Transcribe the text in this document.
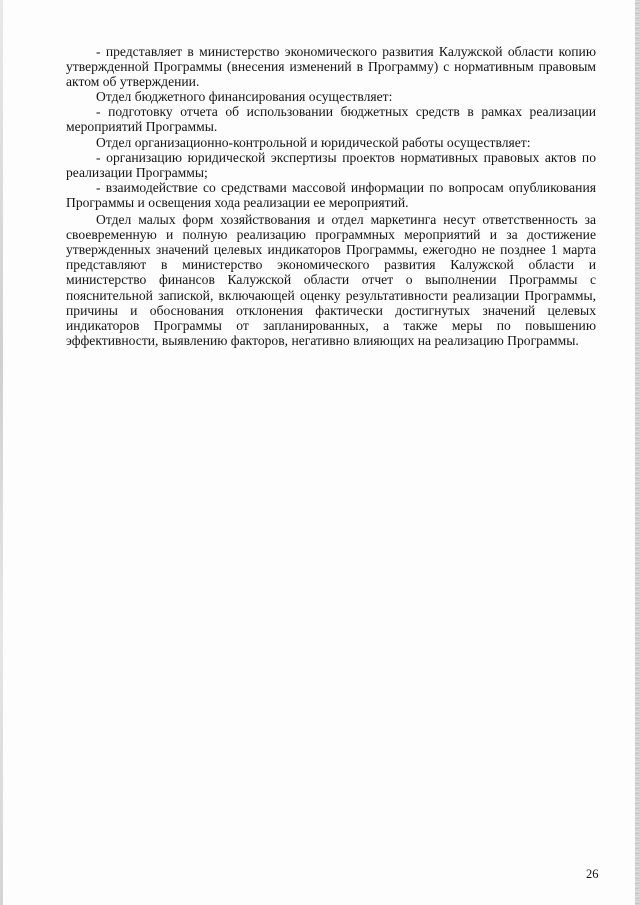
- представляет в министерство экономического развития Калужской области копию утвержденной Программы (внесения изменений в Программу) с нормативным правовым актом об утверждении.

Отдел бюджетного финансирования осуществляет:

- подготовку отчета об использовании бюджетных средств в рамках реализации мероприятий Программы.

Отдел организационно-контрольной и юридической работы осуществляет:

- организацию юридической экспертизы проектов нормативных правовых актов по реализации Программы;

- взаимодействие со средствами массовой информации по вопросам опубликования Программы и освещения хода реализации ее мероприятий.

Отдел малых форм хозяйствования и отдел маркетинга несут ответственность за своевременную и полную реализацию программных мероприятий и за достижение утвержденных значений целевых индикаторов Программы, ежегодно не позднее 1 марта представляют в министерство экономического развития Калужской области и министерство финансов Калужской области отчет о выполнении Программы с пояснительной запиской, включающей оценку результативности реализации Программы, причины и обоснования отклонения фактически достигнутых значений целевых индикаторов Программы от запланированных, а также меры по повышению эффективности, выявлению факторов, негативно влияющих на реализацию Программы.

26
